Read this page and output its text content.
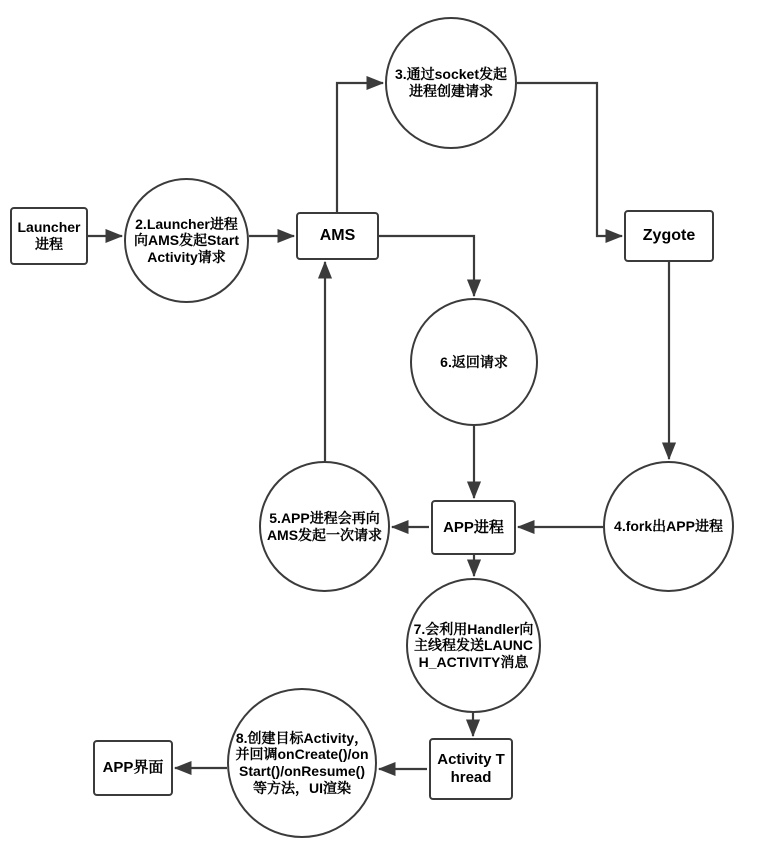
Launcher进程
2.Launcher进程向AMS发起StartActivity请求
AMS
3.通过socket发起进程创建请求
Zygote
6.返回请求
4.fork出APP进程
5.APP进程会再向AMS发起一次请求	APP进程
7.会利用Handler向主线程发送LAUNCH_ACTIVITY消息
Activity Thread
8.创建目标Activity，并回调onCreate()/onStart()/onResume()等方法，UI渲染
APP界面
